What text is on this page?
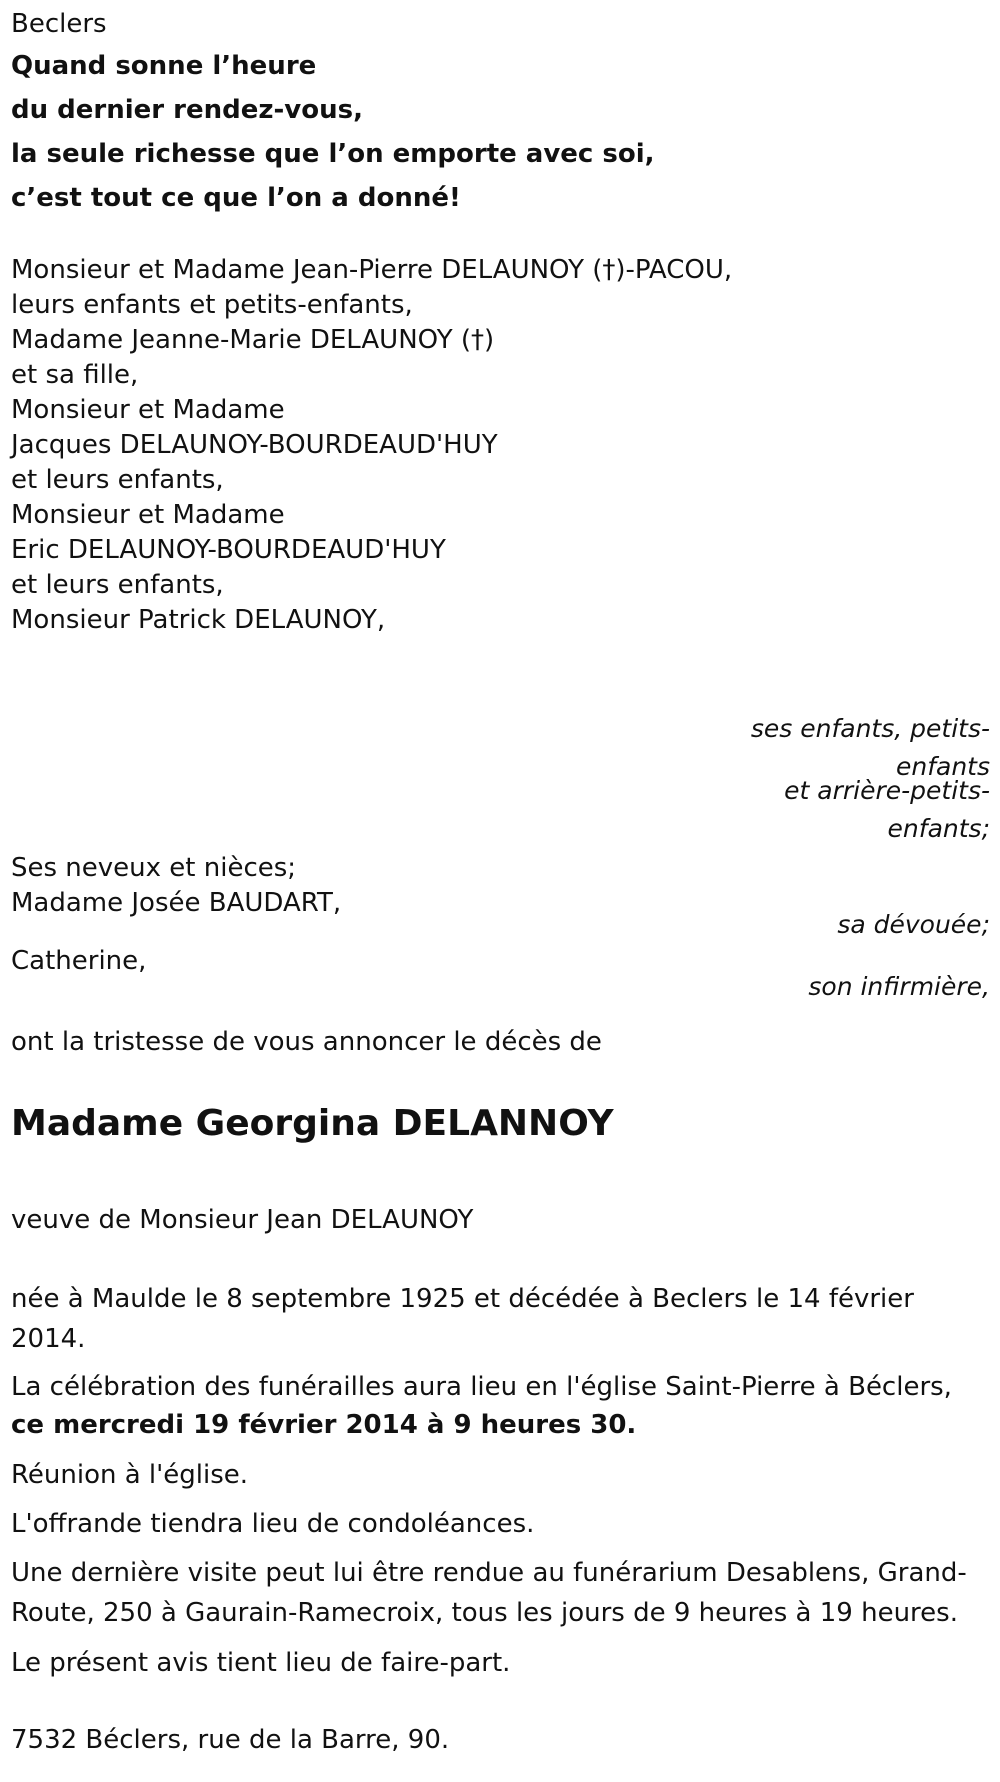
Beclers
Quand sonne l’heure
du dernier rendez-vous,
la seule richesse que l’on emporte avec soi,
c’est tout ce que l’on a donné!
Monsieur et Madame Jean-Pierre DELAUNOY (†)-PACOU,
leurs enfants et petits-enfants,
Madame Jeanne-Marie DELAUNOY (†)
et sa fille,
Monsieur et Madame
Jacques DELAUNOY-BOURDEAUD'HUY
et leurs enfants,
Monsieur et Madame
Eric DELAUNOY-BOURDEAUD'HUY
et leurs enfants,
Monsieur Patrick DELAUNOY,
ses enfants, petits-enfants
et arrière-petits-enfants;
Ses neveux et nièces;
Madame Josée BAUDART,
sa dévouée;
Catherine,
son infirmière,
ont la tristesse de vous annoncer le décès de
Madame Georgina DELANNOY
veuve de Monsieur Jean DELAUNOY
née à Maulde le 8 septembre 1925 et décédée à Beclers le 14 février 2014.
La célébration des funérailles aura lieu en l'église Saint-Pierre à Béclers,
ce mercredi 19 février 2014 à 9 heures 30.
Réunion à l'église.
L'offrande tiendra lieu de condoléances.
Une dernière visite peut lui être rendue au funérarium Desablens, Grand-Route, 250 à Gaurain-Ramecroix, tous les jours de 9 heures à 19 heures.
Le présent avis tient lieu de faire-part.
7532 Béclers, rue de la Barre, 90.
